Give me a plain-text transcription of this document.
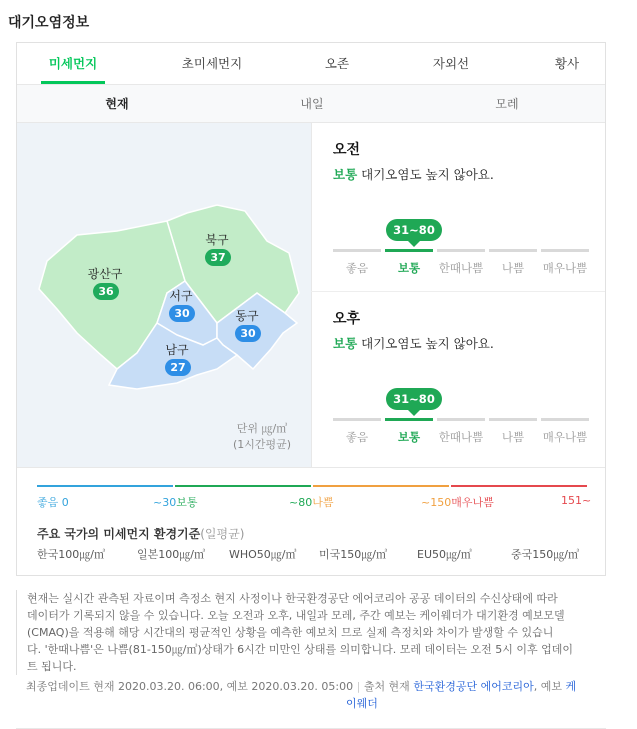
대기오염정보
미세먼지	초미세먼지	오존	자외선	황사
현재	내일	모레
북구
37
광산구
36	서구
30	동구
30
남구
27
단위 ㎍/㎥
(1시간평균)
오전
보통 대기오염도 높지 않아요.
31~80
좋음	보통	한때나쁨	나쁨	매우나쁨
오후
보통 대기오염도 높지 않아요.
31~80
좋음	보통	한때나쁨	나쁨	매우나쁨
좋음 0	~30보통	~80나쁨	~150매우나쁨	151~
주요 국가의 미세먼지 환경기준(일평균)
한국100㎍/㎥	일본100㎍/㎥ WHO50㎍/㎥ 미국150㎍/㎥	EU50㎍/㎥	중국150㎍/㎥
현재는 실시간 관측된 자료이며 측정소 현지 사정이나 한국환경공단 에어코리아 공공 데이터의 수신상태에 따라
데이터가 기록되지 않을 수 있습니다. 오늘 오전과 오후, 내일과 모레, 주간 예보는 케이웨더가 대기환경 예보모델
(CMAQ)을 적용해 해당 시간대의 평균적인 상황을 예측한 예보치 므로 실제 측정치와 차이가 발생할 수 있습니
다. '한때나쁨'은 나쁨(81-150㎍/㎥)상태가 6시간 미만인 상태를 의미합니다. 모레 데이터는 오전 5시 이후 업데이
트 됩니다.
최종업데이트 현재 2020.03.20. 06:00, 예보 2020.03.20. 05:00 | 출처 현재 한국환경공단 에어코리아, 예보 케
이웨더
